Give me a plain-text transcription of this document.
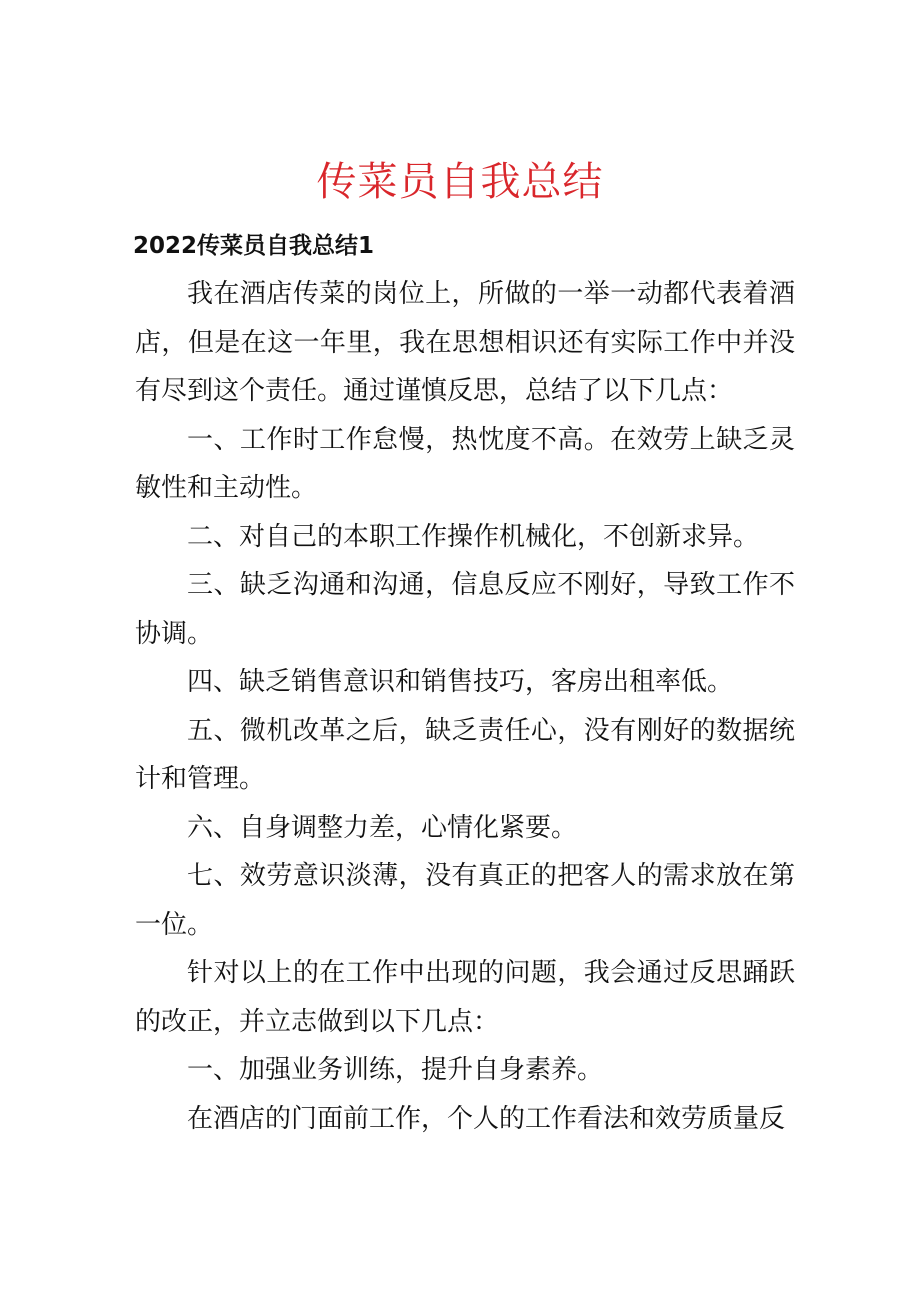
传菜员自我总结
2022传菜员自我总结1

我在酒店传菜的岗位上，所做的一举一动都代表着酒店，但是在这一年里，我在思想相识还有实际工作中并没有尽到这个责任。通过谨慎反思，总结了以下几点：

一、工作时工作怠慢，热忱度不高。在效劳上缺乏灵敏性和主动性。

二、对自己的本职工作操作机械化，不创新求异。

三、缺乏沟通和沟通，信息反应不刚好，导致工作不协调。

四、缺乏销售意识和销售技巧，客房出租率低。

五、微机改革之后，缺乏责任心，没有刚好的数据统计和管理。

六、自身调整力差，心情化紧要。

七、效劳意识淡薄，没有真正的把客人的需求放在第一位。

针对以上的在工作中出现的问题，我会通过反思踊跃的改正，并立志做到以下几点：

一、加强业务训练，提升自身素养。

在酒店的门面前工作，个人的工作看法和效劳质量反
